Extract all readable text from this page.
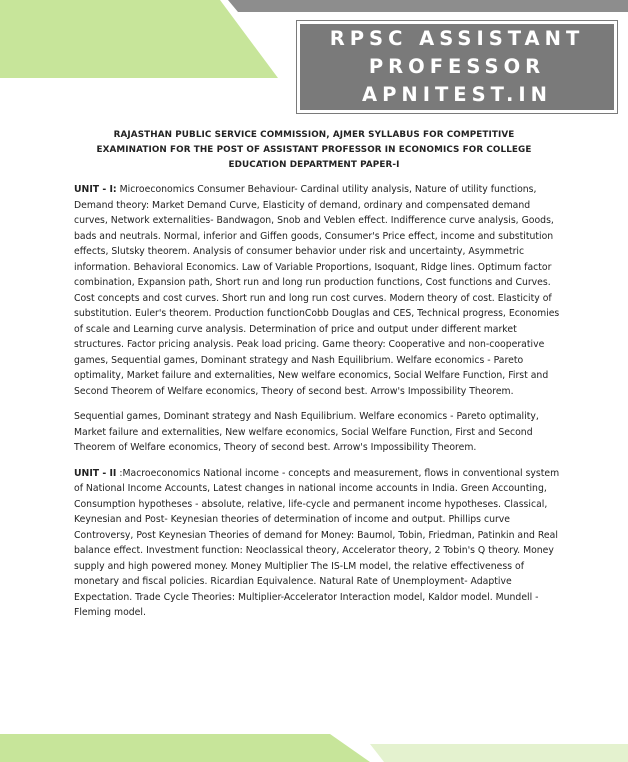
RPSC ASSISTANT
PROFESSOR
APNITEST.IN
RAJASTHAN PUBLIC SERVICE COMMISSION, AJMER SYLLABUS FOR COMPETITIVE EXAMINATION FOR THE POST OF ASSISTANT PROFESSOR IN ECONOMICS FOR COLLEGE EDUCATION DEPARTMENT PAPER-I

UNIT - I: Microeconomics Consumer Behaviour- Cardinal utility analysis, Nature of utility functions, Demand theory: Market Demand Curve, Elasticity of demand, ordinary and compensated demand curves, Network externalities- Bandwagon, Snob and Veblen effect. Indifference curve analysis, Goods, bads and neutrals. Normal, inferior and Giffen goods, Consumer's Price effect, income and substitution effects, Slutsky theorem. Analysis of consumer behavior under risk and uncertainty, Asymmetric information. Behavioral Economics. Law of Variable Proportions, Isoquant, Ridge lines. Optimum factor combination, Expansion path, Short run and long run production functions, Cost functions and Curves. Cost concepts and cost curves. Short run and long run cost curves. Modern theory of cost. Elasticity of substitution. Euler's theorem. Production functionCobb Douglas and CES, Technical progress, Economies of scale and Learning curve analysis. Determination of price and output under different market structures. Factor pricing analysis. Peak load pricing. Game theory: Cooperative and non-cooperative games, Sequential games, Dominant strategy and Nash Equilibrium. Welfare economics - Pareto optimality, Market failure and externalities, New welfare economics, Social Welfare Function, First and Second Theorem of Welfare economics, Theory of second best. Arrow's Impossibility Theorem.

Sequential games, Dominant strategy and Nash Equilibrium. Welfare economics - Pareto optimality, Market failure and externalities, New welfare economics, Social Welfare Function, First and Second Theorem of Welfare economics, Theory of second best. Arrow's Impossibility Theorem.

UNIT - II :Macroeconomics National income - concepts and measurement, flows in conventional system of National Income Accounts, Latest changes in national income accounts in India. Green Accounting, Consumption hypotheses - absolute, relative, life-cycle and permanent income hypotheses. Classical, Keynesian and Post- Keynesian theories of determination of income and output. Phillips curve Controversy, Post Keynesian Theories of demand for Money: Baumol, Tobin, Friedman, Patinkin and Real balance effect. Investment function: Neoclassical theory, Accelerator theory, 2 Tobin's Q theory. Money supply and high powered money. Money Multiplier The IS-LM model, the relative effectiveness of monetary and fiscal policies. Ricardian Equivalence. Natural Rate of Unemployment- Adaptive Expectation. Trade Cycle Theories: Multiplier-Accelerator Interaction model, Kaldor model. Mundell -Fleming model.
